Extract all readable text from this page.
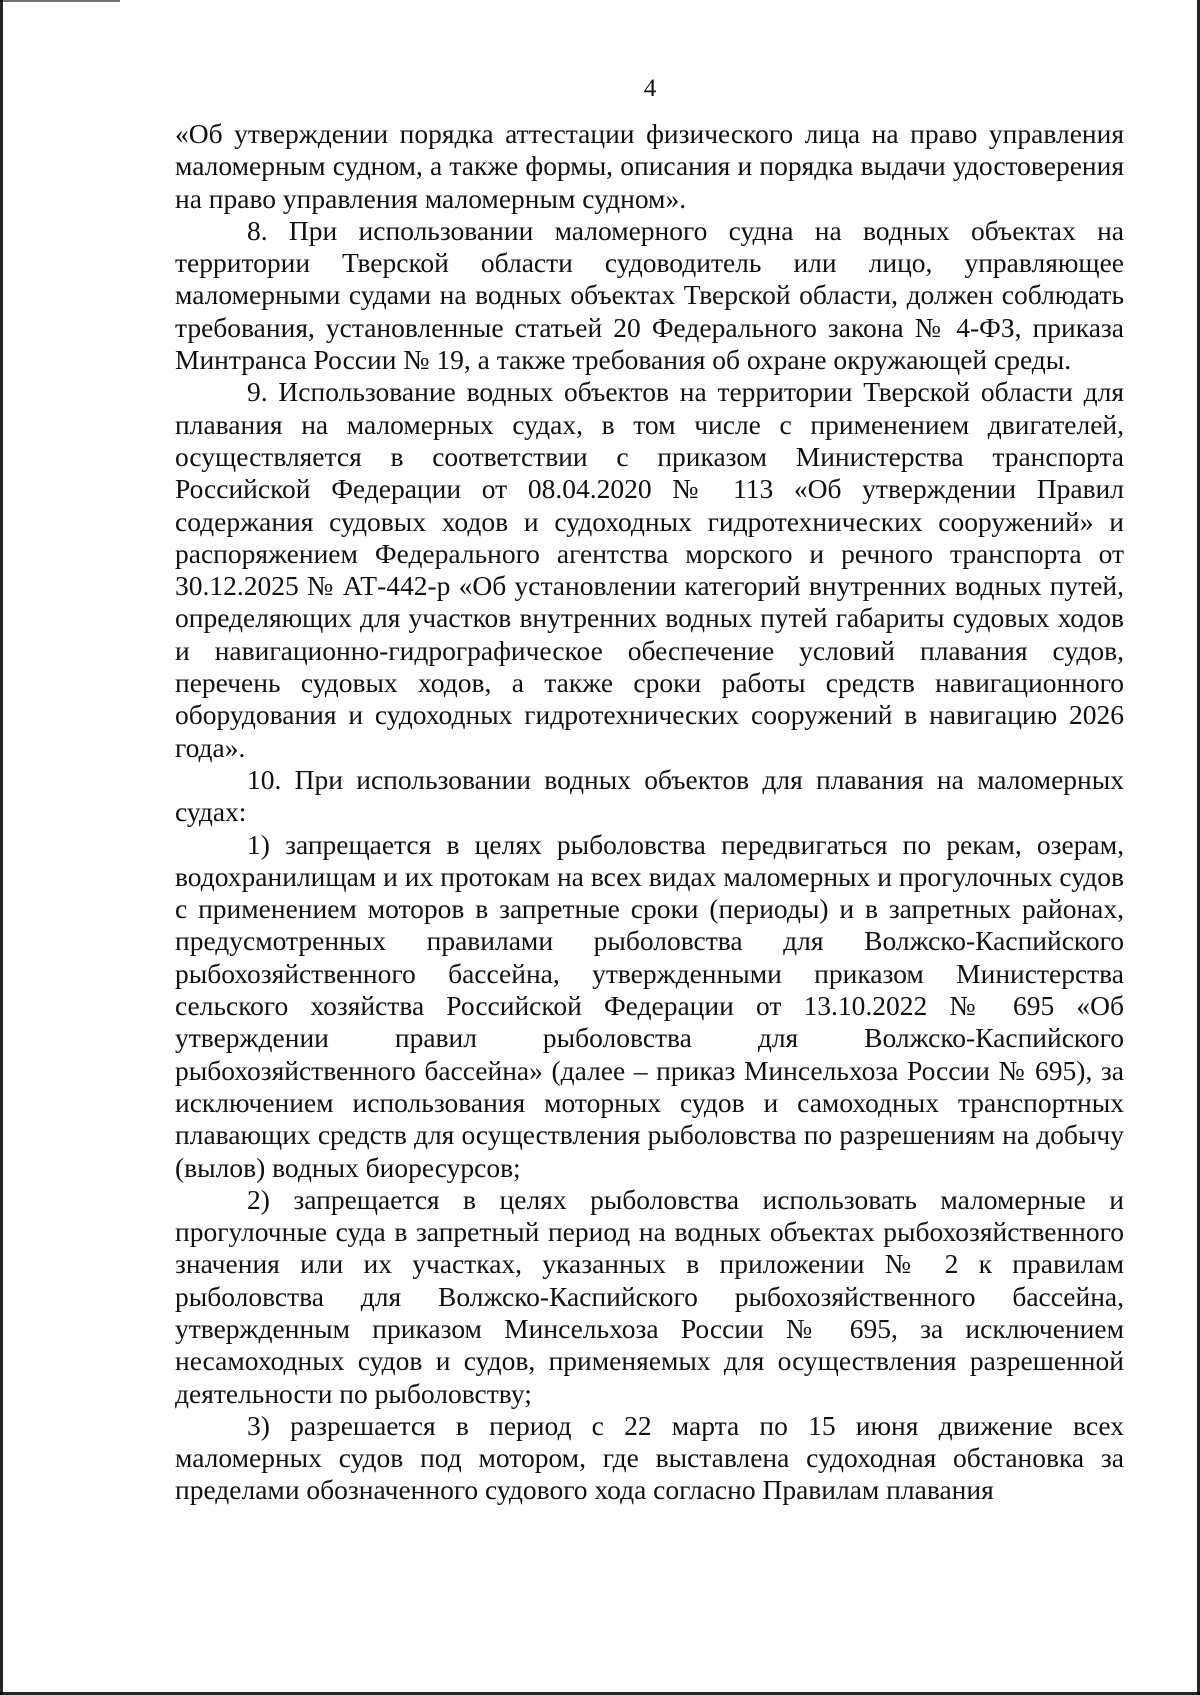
4

«Об утверждении порядка аттестации физического лица на право управления маломерным судном, а также формы, описания и порядка выдачи удостоверения на право управления маломерным судном».

8. При использовании маломерного судна на водных объектах на территории Тверской области судоводитель или лицо, управляющее маломерными судами на водных объектах Тверской области, должен соблюдать требования, установленные статьей 20 Федерального закона № 4-ФЗ, приказа Минтранса России № 19, а также требования об охране окружающей среды.

9. Использование водных объектов на территории Тверской области для плавания на маломерных судах, в том числе с применением двигателей, осуществляется в соответствии с приказом Министерства транспорта Российской Федерации от 08.04.2020 № 113 «Об утверждении Правил содержания судовых ходов и судоходных гидротехнических сооружений» и распоряжением Федерального агентства морского и речного транспорта от 30.12.2025 № АТ-442-р «Об установлении категорий внутренних водных путей, определяющих для участков внутренних водных путей габариты судовых ходов и навигационно-гидрографическое обеспечение условий плавания судов, перечень судовых ходов, а также сроки работы средств навигационного оборудования и судоходных гидротехнических сооружений в навигацию 2026 года».

10. При использовании водных объектов для плавания на маломерных судах:

1) запрещается в целях рыболовства передвигаться по рекам, озерам, водохранилищам и их протокам на всех видах маломерных и прогулочных судов с применением моторов в запретные сроки (периоды) и в запретных районах, предусмотренных правилами рыболовства для Волжско-Каспийского рыбохозяйственного бассейна, утвержденными приказом Министерства сельского хозяйства Российской Федерации от 13.10.2022 № 695 «Об утверждении правил рыболовства для Волжско-Каспийского рыбохозяйственного бассейна» (далее – приказ Минсельхоза России № 695), за исключением использования моторных судов и самоходных транспортных плавающих средств для осуществления рыболовства по разрешениям на добычу (вылов) водных биоресурсов;

2) запрещается в целях рыболовства использовать маломерные и прогулочные суда в запретный период на водных объектах рыбохозяйственного значения или их участках, указанных в приложении № 2 к правилам рыболовства для Волжско-Каспийского рыбохозяйственного бассейна, утвержденным приказом Минсельхоза России № 695, за исключением несамоходных судов и судов, применяемых для осуществления разрешенной деятельности по рыболовству;

3) разрешается в период с 22 марта по 15 июня движение всех маломерных судов под мотором, где выставлена судоходная обстановка за пределами обозначенного судового хода согласно Правилам плавания
